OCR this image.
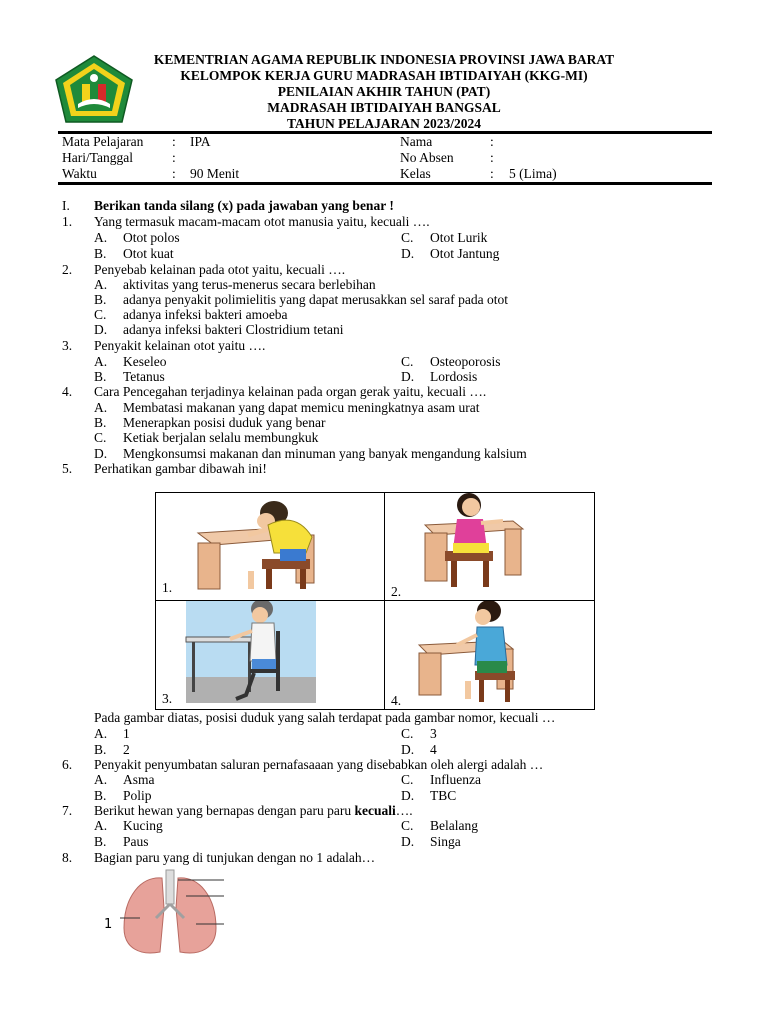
KEMENTRIAN AGAMA REPUBLIK INDONESIA PROVINSI JAWA BARAT
KELOMPOK KERJA GURU MADRASAH IBTIDAIYAH (KKG-MI)
PENILAIAN AKHIR TAHUN (PAT)
MADRASAH IBTIDAIYAH BANGSAL
TAHUN PELAJARAN 2023/2024
Mata Pelajaran : IPA
Hari/Tanggal	:
Waktu	: 90 Menit
Nama	:
No Absen	:
Kelas	: 5 (Lima)
I. Berikan tanda silang (x) pada jawaban yang benar !
1. Yang termasuk macam-macam otot manusia yaitu, kecuali ….
A. Otot polos
B. Otot kuat
C. Otot Lurik
D. Otot Jantung
2. Penyebab kelainan pada otot yaitu, kecuali ….
A. aktivitas yang terus-menerus secara berlebihan
B. adanya penyakit polimielitis yang dapat merusakkan sel saraf pada otot
C. adanya infeksi bakteri amoeba
D. adanya infeksi bakteri Clostridium tetani
3. Penyakit kelainan otot yaitu ….
A. Keseleo
B. Tetanus
C. Osteoporosis
D. Lordosis
4. Cara Pencegahan terjadinya kelainan pada organ gerak yaitu, kecuali ….
A. Membatasi makanan yang dapat memicu meningkatnya asam urat
B. Menerapkan posisi duduk yang benar
C. Ketiak berjalan selalu membungkuk
D. Mengkonsumsi makanan dan minuman yang banyak mengandung kalsium
5. Perhatikan gambar dibawah ini!
1.	2.
3.	4.
Pada gambar diatas, posisi duduk yang salah terdapat pada gambar nomor, kecuali …
A. 1
B. 2
C. 3
D. 4
6. Penyakit penyumbatan saluran pernafasaaan yang disebabkan oleh alergi adalah …
A. Asma
B. Polip
C. Influenza
D. TBC
7. Berikut hewan yang bernapas dengan paru paru kecuali….
A. Kucing
B. Paus
C. Belalang
D. Singa
8. Bagian paru yang di tunjukan dengan no 1 adalah…
1
